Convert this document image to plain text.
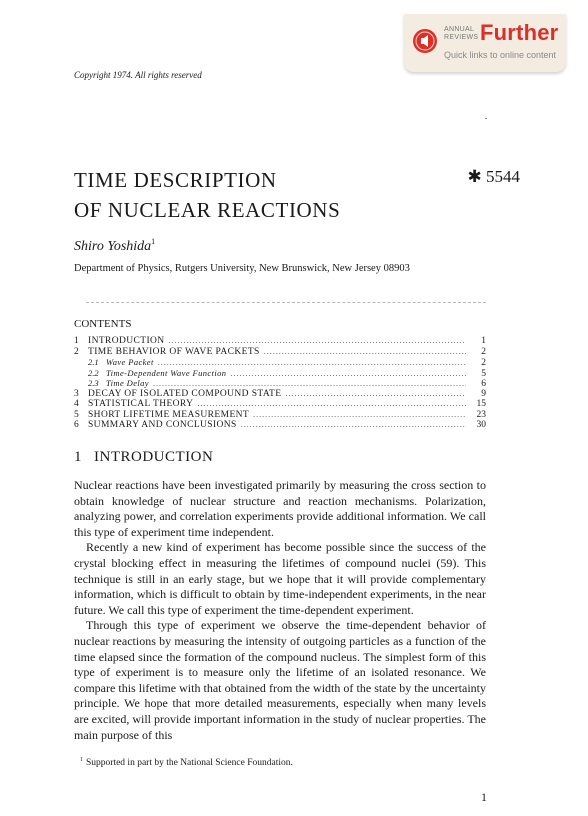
ANNUAL
REVIEWS Further
Quick links to online content
Copyright 1974. All rights reserved
TIME DESCRIPTION
OF NUCLEAR REACTIONS
✱ 5544
Shiro Yoshida$^1$
Department of Physics, Rutgers University, New Brunswick, New Jersey 08903
CONTENTS
1 INTRODUCTION .....	1
2 TIME BEHAVIOR OF WAVE PACKETS .....	2
2.1 Wave Packet .....	2
2.2 Time-Dependent Wave Function .....	5
2.3 Time Delay .....	6
3 DECAY OF ISOLATED COMPOUND STATE .....	9
4 STATISTICAL THEORY .....	15
5 SHORT LIFETIME MEASUREMENT .....	23
6 SUMMARY AND CONCLUSIONS .....	30
1 INTRODUCTION

Nuclear reactions have been investigated primarily by measuring the cross section to obtain knowledge of nuclear structure and reaction mechanisms. Polarization, analyzing power, and correlation experiments provide additional information. We call this type of experiment time independent.

Recently a new kind of experiment has become possible since the success of the crystal blocking effect in measuring the lifetimes of compound nuclei (59). This technique is still in an early stage, but we hope that it will provide complementary information, which is difficult to obtain by time-independent experiments, in the near future. We call this type of experiment the time-dependent experiment.

Through this type of experiment we observe the time-dependent behavior of nuclear reactions by measuring the intensity of outgoing particles as a function of the time elapsed since the formation of the compound nucleus. The simplest form of this type of experiment is to measure only the lifetime of an isolated resonance. We compare this lifetime with that obtained from the width of the state by the uncertainty principle. We hope that more detailed measurements, especially when many levels are excited, will provide important information in the study of nuclear properties. The main purpose of this

$^1$ Supported in part by the National Science Foundation.
1
